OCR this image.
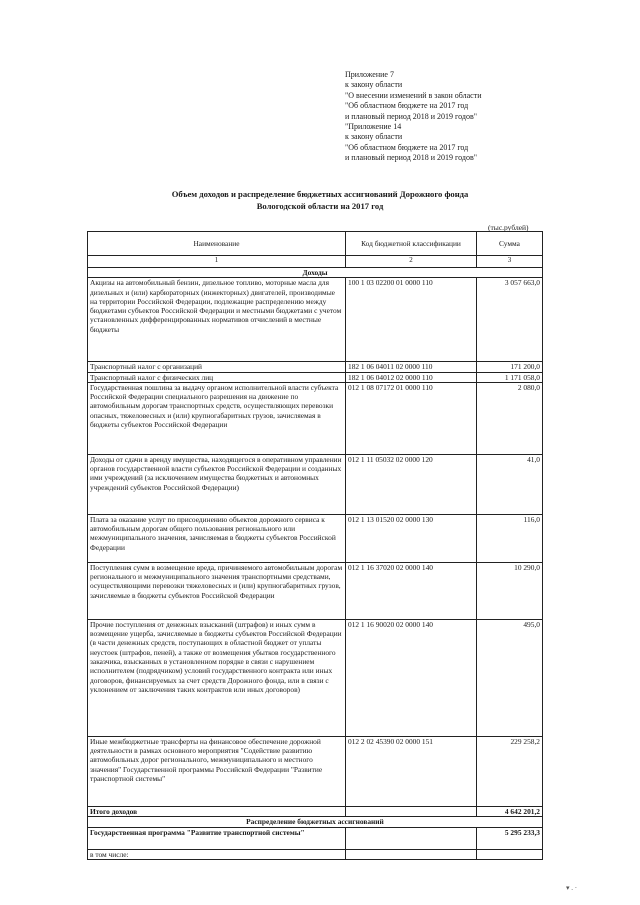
Приложение 7
к закону области
"О внесении изменений в закон области
"Об областном бюджете на 2017 год
и плановый период 2018 и 2019 годов"
"Приложение 14
к закону области
"Об областном бюджете на 2017 год
и плановый период 2018 и 2019 годов"
Объем доходов и распределение бюджетных ассигнований Дорожного фонда
Вологодской области на 2017 год
(тыс.рублей)
Наименование	Код бюджетной классификации	Сумма
1	2	3
Доходы		
Акцизы на автомобильный бензин, дизельное топливо, моторные масла для дизельных и (или) карбюраторных (инжекторных) двигателей, производимые на территории Российской Федерации, подлежащие распределению между бюджетами субъектов Российской Федерации и местными бюджетами с учетом установленных дифференцированных нормативов отчислений в местные бюджеты	100 1 03 02200 01 0000 110	3 057 663,0
Транспортный налог с организаций	182 1 06 04011 02 0000 110	171 200,0
Транспортный налог с физических лиц	182 1 06 04012 02 0000 110	1 171 058,0
Государственная пошлина за выдачу органом исполнительной власти субъекта Российской Федерации специального разрешения на движение по автомобильным дорогам транспортных средств, осуществляющих перевозки опасных, тяжеловесных и (или) крупногабаритных грузов, зачисляемая в бюджеты субъектов Российской Федерации	012 1 08 07172 01 0000 110	2 080,0
Доходы от сдачи в аренду имущества, находящегося в оперативном управлении органов государственной власти субъектов Российской Федерации и созданных ими учреждений (за исключением имущества бюджетных и автономных учреждений субъектов Российской Федерации)	012 1 11 05032 02 0000 120	41,0
Плата за оказание услуг по присоединению объектов дорожного сервиса к автомобильным дорогам общего пользования регионального или межмуниципального значения, зачисляемая в бюджеты субъектов Российской Федерации	012 1 13 01520 02 0000 130	116,0
Поступления сумм в возмещение вреда, причиняемого автомобильным дорогам регионального и межмуниципального значения транспортными средствами, осуществляющими перевозки тяжеловесных и (или) крупногабаритных грузов, зачисляемые в бюджеты субъектов Российской Федерации	012 1 16 37020 02 0000 140	10 290,0
Прочие поступления от денежных взысканий (штрафов) и иных сумм в возмещение ущерба, зачисляемые в бюджеты субъектов Российской Федерации (в части денежных средств, поступающих в областной бюджет от уплаты неустоек (штрафов, пеней), а также от возмещения убытков государственного заказчика, взысканных в установленном порядке в связи с нарушением исполнителем (подрядчиком) условий государственного контракта или иных договоров, финансируемых за счет средств Дорожного фонда, или в связи с уклонением от заключения таких контрактов или иных договоров)	012 1 16 90020 02 0000 140	495,0
Иные межбюджетные трансферты на финансовое обеспечение дорожной деятельности в рамках основного мероприятия "Содействие развитию автомобильных дорог регионального, межмуниципального и местного значения" Государственной программы Российской Федерации "Развитие транспортной системы"	012 2 02 45390 02 0000 151	229 258,2
Итого доходов		4 642 201,2
Распределение бюджетных ассигнований		
Государственная программа "Развитие транспортной системы"		5 295 233,3
в том числе:		
▾ . ·
